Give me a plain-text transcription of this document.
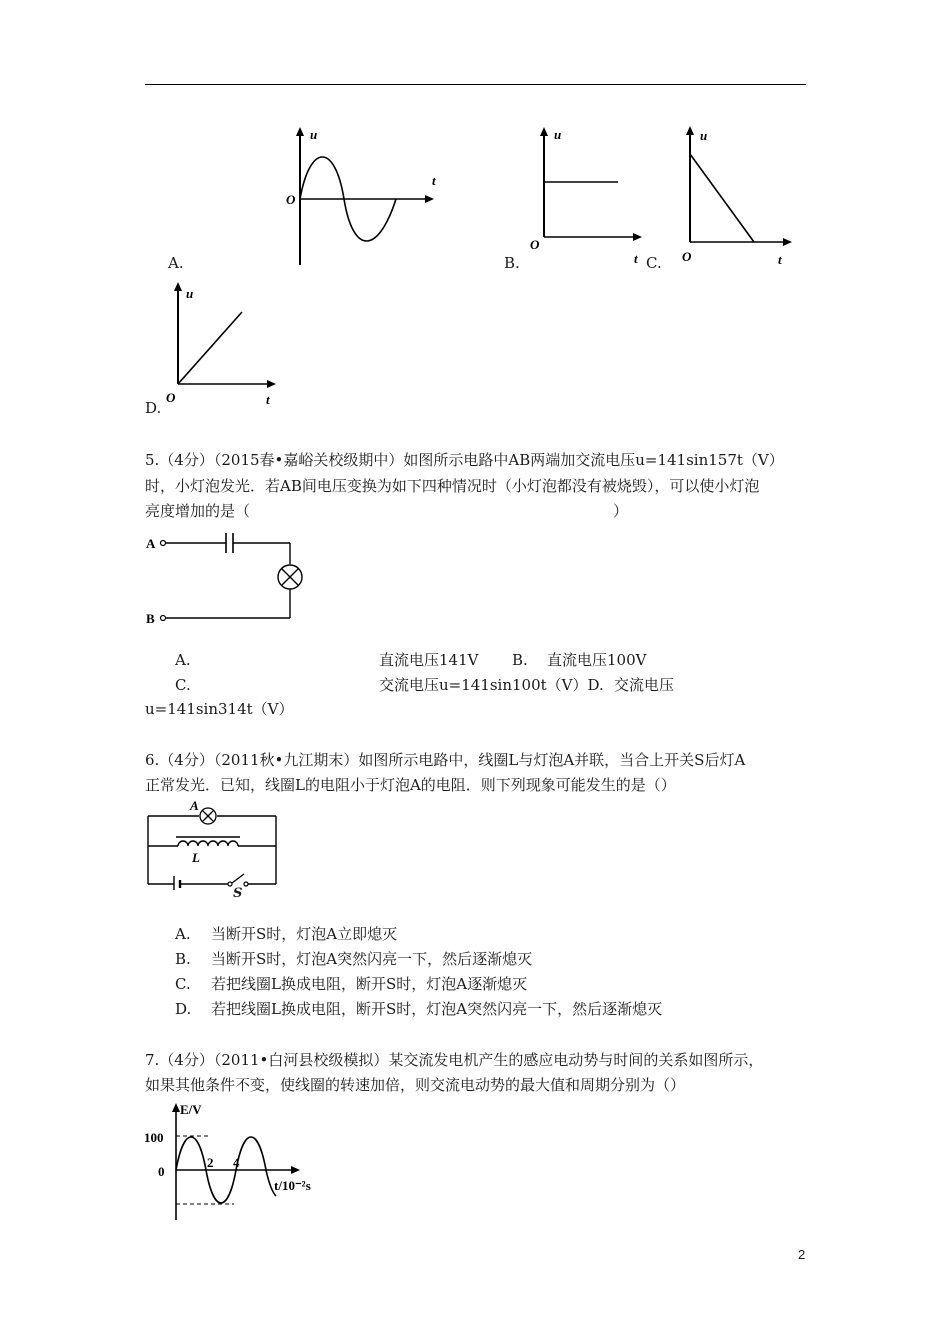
A.	B.	C.
D.
u
t
O
u
t
O
u
t
O
u
t
O
5.（4分）（2015春•嘉峪关校级期中）如图所示电路中AB两端加交流电压u=141sin157t（V）
时，小灯泡发光．若AB间电压变换为如下四种情况时（小灯泡都没有被烧毁），可以使小灯泡
亮度增加的是（	）
A
B
A.	直流电压141V B. 直流电压100V
C.	交流电压u=141sin100t（V）D. 交流电压
u=141sin314t（V）
6.（4分）（2011秋•九江期末）如图所示电路中，线圈L与灯泡A并联，当合上开关S后灯A
正常发光．已知，线圈L的电阻小于灯泡A的电阻．则下列现象可能发生的是（）
A
L
S
A. 当断开S时，灯泡A立即熄灭
B. 当断开S时，灯泡A突然闪亮一下，然后逐渐熄灭
C. 若把线圈L换成电阻，断开S时，灯泡A逐渐熄灭
D. 若把线圈L换成电阻，断开S时，灯泡A突然闪亮一下，然后逐渐熄灭
7.（4分）（2011•白河县校级模拟）某交流发电机产生的感应电动势与时间的关系如图所示，
如果其他条件不变，使线圈的转速加倍，则交流电动势的最大值和周期分别为（）
E/V
100
0
2 4
t/10⁻²s
2
